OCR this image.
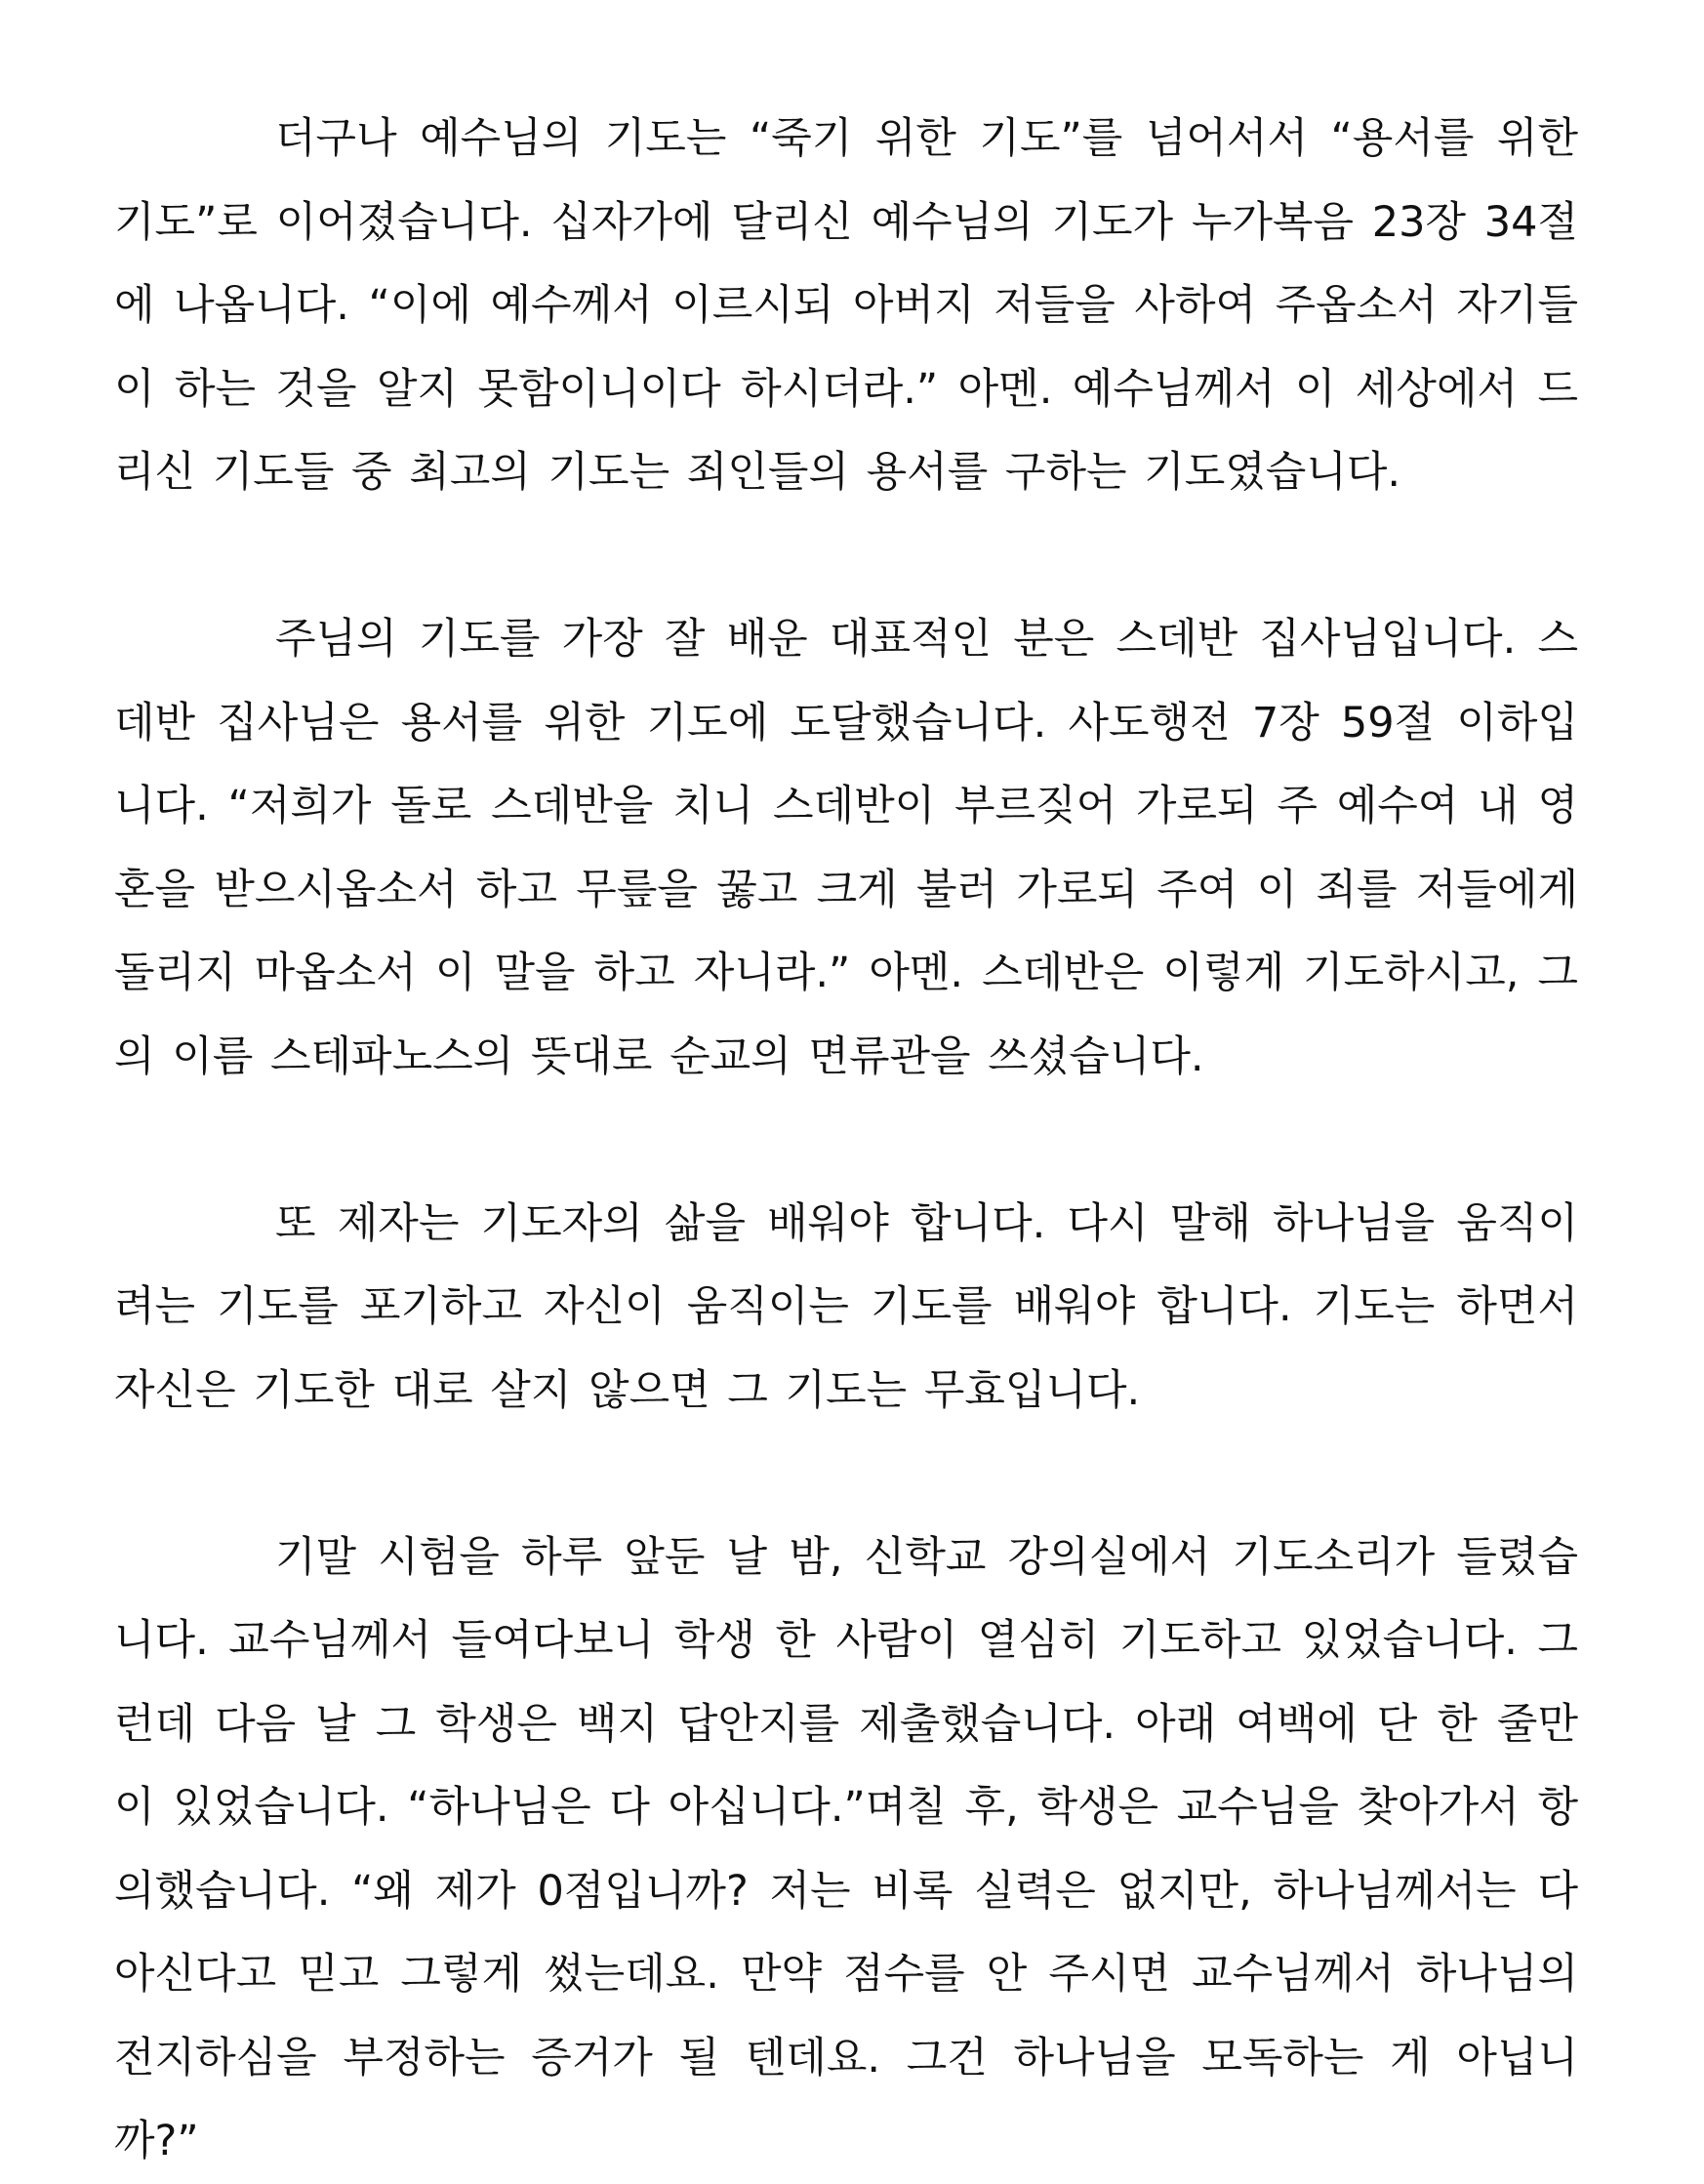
더구나 예수님의 기도는 “죽기 위한 기도”를 넘어서서 “용서를 위한 기도”로 이어졌습니다. 십자가에 달리신 예수님의 기도가 누가복음 23장 34절에 나옵니다. “이에 예수께서 이르시되 아버지 저들을 사하여 주옵소서 자기들이 하는 것을 알지 못함이니이다 하시더라.” 아멘. 예수님께서 이 세상에서 드리신 기도들 중 최고의 기도는 죄인들의 용서를 구하는 기도였습니다.

주님의 기도를 가장 잘 배운 대표적인 분은 스데반 집사님입니다. 스데반 집사님은 용서를 위한 기도에 도달했습니다. 사도행전 7장 59절 이하입니다. “저희가 돌로 스데반을 치니 스데반이 부르짖어 가로되 주 예수여 내 영혼을 받으시옵소서 하고 무릎을 꿇고 크게 불러 가로되 주여 이 죄를 저들에게 돌리지 마옵소서 이 말을 하고 자니라.” 아멘. 스데반은 이렇게 기도하시고, 그의 이름 스테파노스의 뜻대로 순교의 면류관을 쓰셨습니다.

또 제자는 기도자의 삶을 배워야 합니다. 다시 말해 하나님을 움직이려는 기도를 포기하고 자신이 움직이는 기도를 배워야 합니다. 기도는 하면서 자신은 기도한 대로 살지 않으면 그 기도는 무효입니다.

기말 시험을 하루 앞둔 날 밤, 신학교 강의실에서 기도소리가 들렸습니다. 교수님께서 들여다보니 학생 한 사람이 열심히 기도하고 있었습니다. 그런데 다음 날 그 학생은 백지 답안지를 제출했습니다. 아래 여백에 단 한 줄만이 있었습니다. “하나님은 다 아십니다.”며칠 후, 학생은 교수님을 찾아가서 항의했습니다. “왜 제가 0점입니까? 저는 비록 실력은 없지만, 하나님께서는 다 아신다고 믿고 그렇게 썼는데요. 만약 점수를 안 주시면 교수님께서 하나님의 전지하심을 부정하는 증거가 될 텐데요. 그건 하나님을 모독하는 게 아닙니까?”
